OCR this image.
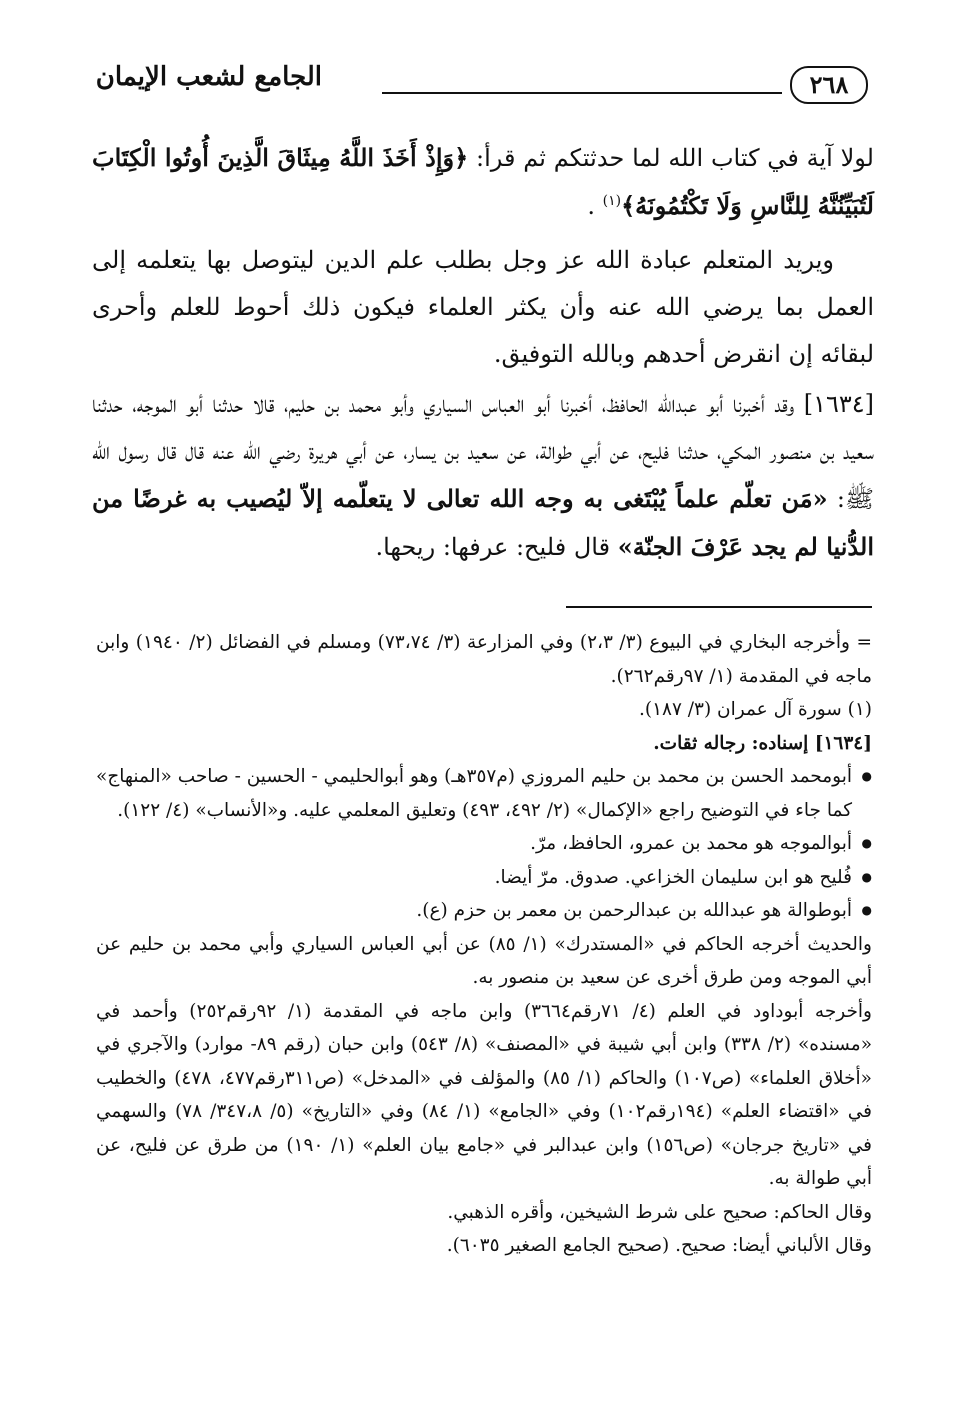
الجامع لشعب الإيمان	٢٦٨

لولا آية في كتاب الله لما حدثتكم ثم قرأ: ﴿وَإِذْ أَخَذَ اللَّهُ مِيثَاقَ الَّذِينَ أُوتُوا الْكِتَابَ لَتُبَيِّنُنَّهُ لِلنَّاسِ وَلَا تَكْتُمُونَهُ﴾$^{(١)}$ .

ويريد المتعلم عبادة الله عز وجل بطلب علم الدين ليتوصل بها يتعلمه إلى العمل بما يرضي الله عنه وأن يكثر العلماء فيكون ذلك أحوط للعلم وأحرى لبقائه إن انقرض أحدهم وبالله التوفيق.

[١٦٣٤] وقد أخبرنا أبو عبدالله الحافظ، أخبرنا أبو العباس السياري وأبو محمد بن حليم، قالا حدثنا أبو الموجه، حدثنا سعيد بن منصور المكي، حدثنا فليح، عن أبي طوالة، عن سعيد بن يسار، عن أبي هريرة رضي الله عنه قال قال رسول الله ﷺ: «مَن تعلّم علماً يُبْتَغى به وجه الله تعالى لا يتعلّمه إلاّ ليُصيب به غرضًا من الدُّنيا لم يجد عَرْفَ الجنّة» قال فليح: عرفها: ريحها.

= وأخرجه البخاري في البيوع (٣/ ٢،٣) وفي المزارعة (٣/ ٧٣،٧٤) ومسلم في الفضائل (٢/ ١٩٤٠) وابن ماجه في المقدمة (١/ ٩٧رقم٢٦٢).

(١) سورة آل عمران (٣/ ١٨٧).

[١٦٣٤] إسناده: رجاله ثقات.

● أبومحمد الحسن بن محمد بن حليم المروزي (م٣٥٧هـ) وهو أبوالحليمي - الحسين - صاحب «المنهاج» كما جاء في التوضيح راجع «الإكمال» (٢/ ٤٩٢، ٤٩٣) وتعليق المعلمي عليه. و«الأنساب» (٤/ ١٢٢).

● أبوالموجه هو محمد بن عمرو، الحافظ، مرّ.

● فُليح هو ابن سليمان الخزاعي. صدوق. مرّ أيضا.

● أبوطوالة هو عبدالله بن عبدالرحمن بن معمر بن حزم (ع).

والحديث أخرجه الحاكم في «المستدرك» (١/ ٨٥) عن أبي العباس السياري وأبي محمد بن حليم عن أبي الموجه ومن طرق أخرى عن سعيد بن منصور به.

وأخرجه أبوداود في العلم (٤/ ٧١رقم٣٦٦٤) وابن ماجه في المقدمة (١/ ٩٢رقم٢٥٢) وأحمد في «مسنده» (٢/ ٣٣٨) وابن أبي شيبة في «المصنف» (٨/ ٥٤٣) وابن حبان (رقم ٨٩- موارد) والآجري في «أخلاق العلماء» (ص١٠٧) والحاكم (١/ ٨٥) والمؤلف في «المدخل» (ص٣١١رقم٤٧٧، ٤٧٨) والخطيب في «اقتضاء العلم» (١٩٤رقم١٠٢) وفي «الجامع» (١/ ٨٤) وفي «التاريخ» (٥/ ٣٤٧،٨/ ٧٨) والسهمي في «تاريخ جرجان» (ص١٥٦) وابن عبدالبر في «جامع بيان العلم» (١/ ١٩٠) من طرق عن فليح، عن أبي طوالة به.

وقال الحاكم: صحيح على شرط الشيخين، وأقره الذهبي.

وقال الألباني أيضا: صحيح. (صحيح الجامع الصغير ٦٠٣٥).
